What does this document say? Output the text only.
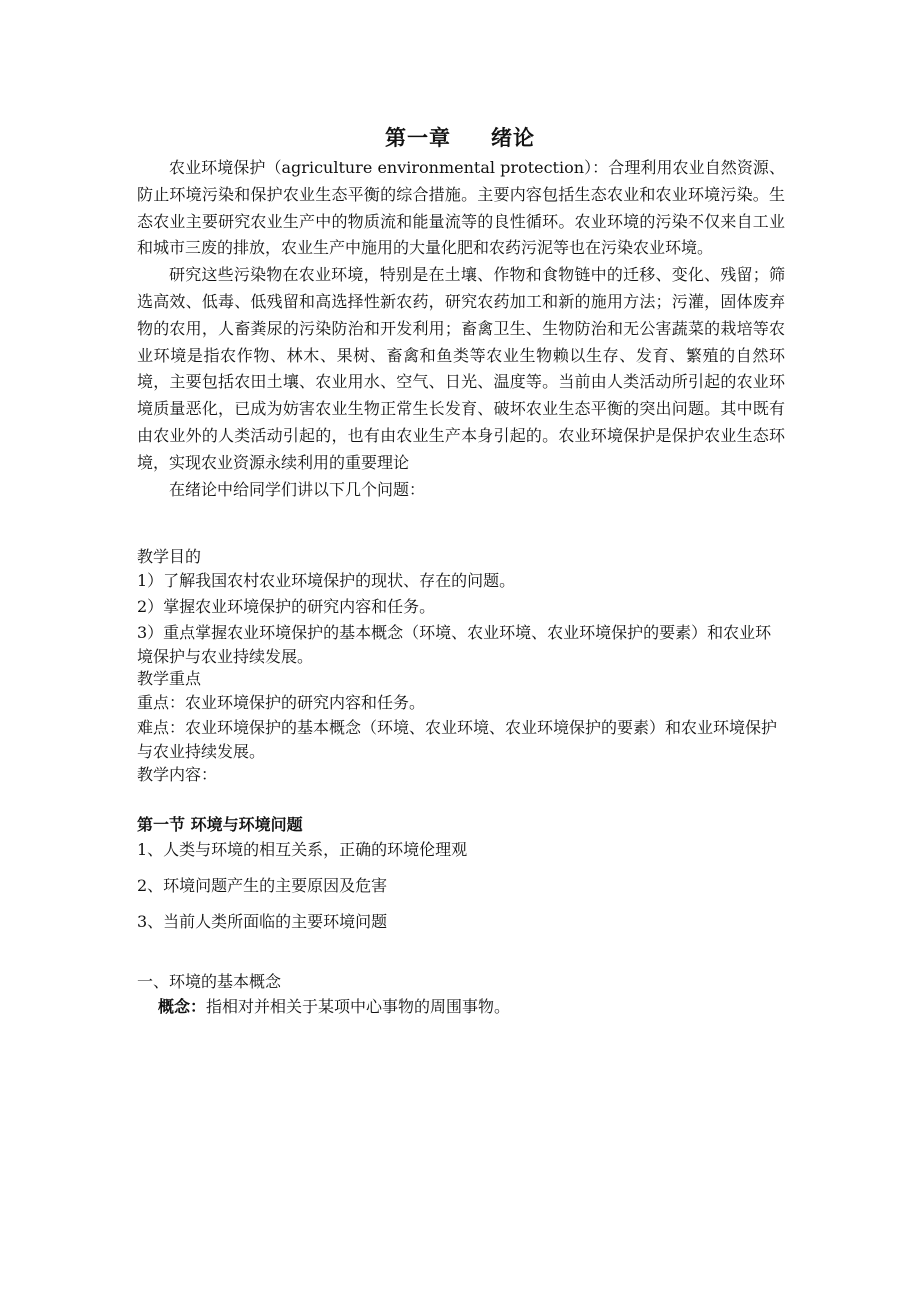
第一章 绪论

农业环境保护（agriculture environmental protection）：合理利用农业自然资源、防止环境污染和保护农业生态平衡的综合措施。主要内容包括生态农业和农业环境污染。生态农业主要研究农业生产中的物质流和能量流等的良性循环。农业环境的污染不仅来自工业和城市三废的排放，农业生产中施用的大量化肥和农药污泥等也在污染农业环境。

研究这些污染物在农业环境，特别是在土壤、作物和食物链中的迁移、变化、残留；筛选高效、低毒、低残留和高选择性新农药，研究农药加工和新的施用方法；污灌，固体废弃物的农用，人畜粪尿的污染防治和开发利用；畜禽卫生、生物防治和无公害蔬菜的栽培等农业环境是指农作物、林木、果树、畜禽和鱼类等农业生物赖以生存、发育、繁殖的自然环境，主要包括农田土壤、农业用水、空气、日光、温度等。当前由人类活动所引起的农业环境质量恶化，已成为妨害农业生物正常生长发育、破坏农业生态平衡的突出问题。其中既有由农业外的人类活动引起的，也有由农业生产本身引起的。农业环境保护是保护农业生态环境，实现农业资源永续利用的重要理论

在绪论中给同学们讲以下几个问题：

教学目的
1）了解我国农村农业环境保护的现状、存在的问题。
2）掌握农业环境保护的研究内容和任务。
3）重点掌握农业环境保护的基本概念（环境、农业环境、农业环境保护的要素）和农业环境保护与农业持续发展。
教学重点
重点：农业环境保护的研究内容和任务。
难点：农业环境保护的基本概念（环境、农业环境、农业环境保护的要素）和农业环境保护与农业持续发展。
教学内容：
第一节 环境与环境问题
1、人类与环境的相互关系，正确的环境伦理观
2、环境问题产生的主要原因及危害
3、当前人类所面临的主要环境问题
一、环境的基本概念
概念：指相对并相关于某项中心事物的周围事物。
